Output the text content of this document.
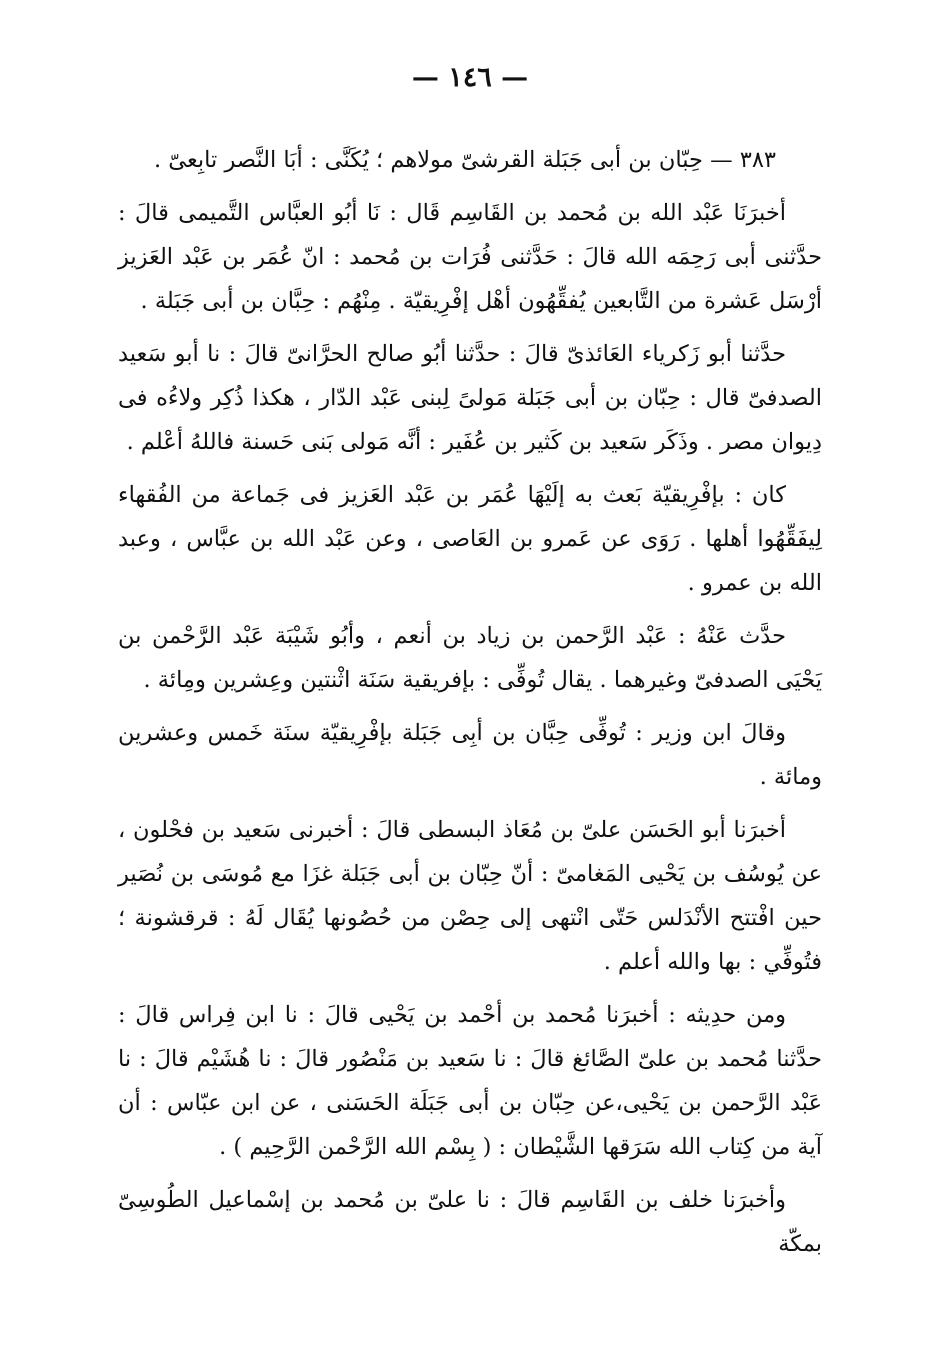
— ١٤٦ —

٣٨٣ — حِبّان بن أبى جَبَلة القرشىّ مولاهم ؛ يُكَنَّى : أبَا النَّصر تابِعىّ .

أخبرَنَا عَبْد الله بن مُحمد بن القَاسِم قَال : نَا أبُو العبَّاس التَّميمى قالَ : حدَّثنى أبى رَحِمَه الله قالَ : حَدَّثنى فُرَات بن مُحمد : انّ عُمَر بن عَبْد العَزيز أرْسَل عَشرة من التَّابعين يُفقِّهُون أهْل إفْرِيقيّة . مِنْهُم : حِبَّان بن أبى جَبَلة .

حدَّثنا أبو زَكرياء العَائذىّ قالَ : حدَّثنا أبُو صالح الحرَّانىّ قالَ : نا أبو سَعيد الصدفىّ قال : حِبّان بن أبى جَبَلة مَولىً لِبنى عَبْد الدّار ، هكذا ذُكِر ولاءُه فى دِيوان مصر . وذَكَر سَعيد بن كَثير بن عُفَير : أنَّه مَولى بَنى حَسنة فاللهُ أعْلم .

كان : بإفْرِيقيّة بَعث به إلَيْهَا عُمَر بن عَبْد العَزيز فى جَماعة من الفُقهاء لِيفَقِّهُوا أهلها . رَوَى عن عَمرو بن العَاصى ، وعن عَبْد الله بن عبَّاس ، وعبد الله بن عمرو .

حدَّث عَنْهُ : عَبْد الرَّحمن بن زياد بن أنعم ، وأبُو شَيْبَة عَبْد الرَّحْمن بن يَحْيَى الصدفىّ وغيرهما . يقال تُوفِّى : بإفريقية سَنَة اثْنتين وعِشرين ومِائة .

وقالَ ابن وزير : تُوفِّى حِبَّان بن أبِى جَبَلة بإفْرِيقيّة سنَة خَمس وعشرين ومائة .

أخبرَنا أبو الحَسَن علىّ بن مُعَاذ البسطى قالَ : أخبرنى سَعيد بن فحْلون ، عن يُوسُف بن يَحْيى المَغامىّ : أنّ حِبّان بن أبى جَبَلة غزَا مع مُوسَى بن نُصَير حين افْتتح الأنْدَلس حَتّى انْتهى إلى حِصْن من حُصُونها يُقَال لَهُ : قرقشونة ؛ فتُوفِّي : بها والله أعلم .

ومن حدِيثه : أخبرَنا مُحمد بن أحْمد بن يَحْيى قالَ : نا ابن فِراس قالَ : حدَّثنا مُحمد بن علىّ الصَّائغ قالَ : نا سَعيد بن مَنْصُور قالَ : نا هُشَيْم قالَ : نا عَبْد الرَّحمن بن يَحْيى،عن حِبّان بن أبى جَبَلَة الحَسَنى ، عن ابن عبّاس : أن آية من كِتاب الله سَرَقها الشَّيْطان : ( بِسْم الله الرَّحْمن الرَّحِيم ) .

وأخبرَنا خلف بن القَاسِم قالَ : نا علىّ بن مُحمد بن إسْماعيل الطُوسِىّ بمكّة
